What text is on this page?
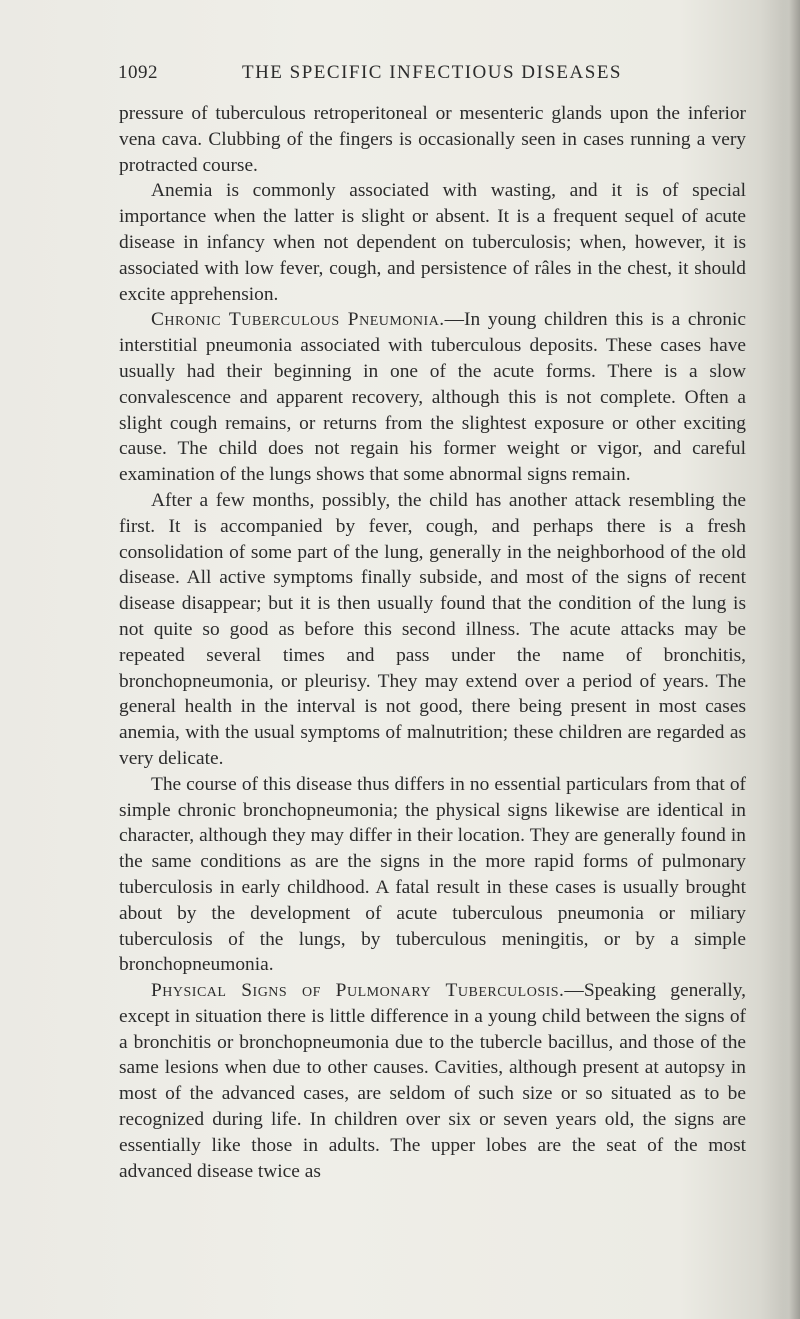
1092	THE SPECIFIC INFECTIOUS DISEASES

pressure of tuberculous retroperitoneal or mesenteric glands upon the inferior vena cava. Clubbing of the fingers is occasionally seen in cases running a very protracted course.

Anemia is commonly associated with wasting, and it is of special importance when the latter is slight or absent. It is a frequent sequel of acute disease in infancy when not dependent on tuberculosis; when, however, it is associated with low fever, cough, and persistence of râles in the chest, it should excite apprehension.

Chronic Tuberculous Pneumonia.—In young children this is a chronic interstitial pneumonia associated with tuberculous deposits. These cases have usually had their beginning in one of the acute forms. There is a slow convalescence and apparent recovery, although this is not complete. Often a slight cough remains, or returns from the slightest exposure or other exciting cause. The child does not regain his former weight or vigor, and careful examination of the lungs shows that some abnormal signs remain.

After a few months, possibly, the child has another attack resembling the first. It is accompanied by fever, cough, and perhaps there is a fresh consolidation of some part of the lung, generally in the neighborhood of the old disease. All active symptoms finally subside, and most of the signs of recent disease disappear; but it is then usually found that the condition of the lung is not quite so good as before this second illness. The acute attacks may be repeated several times and pass under the name of bronchitis, bronchopneumonia, or pleurisy. They may extend over a period of years. The general health in the interval is not good, there being present in most cases anemia, with the usual symptoms of malnutrition; these children are regarded as very delicate.

The course of this disease thus differs in no essential particulars from that of simple chronic bronchopneumonia; the physical signs likewise are identical in character, although they may differ in their location. They are generally found in the same conditions as are the signs in the more rapid forms of pulmonary tuberculosis in early childhood. A fatal result in these cases is usually brought about by the development of acute tuberculous pneumonia or miliary tuberculosis of the lungs, by tuberculous meningitis, or by a simple bronchopneumonia.

Physical Signs of Pulmonary Tuberculosis.—Speaking generally, except in situation there is little difference in a young child between the signs of a bronchitis or bronchopneumonia due to the tubercle bacillus, and those of the same lesions when due to other causes. Cavities, although present at autopsy in most of the advanced cases, are seldom of such size or so situated as to be recognized during life. In children over six or seven years old, the signs are essentially like those in adults. The upper lobes are the seat of the most advanced disease twice as
